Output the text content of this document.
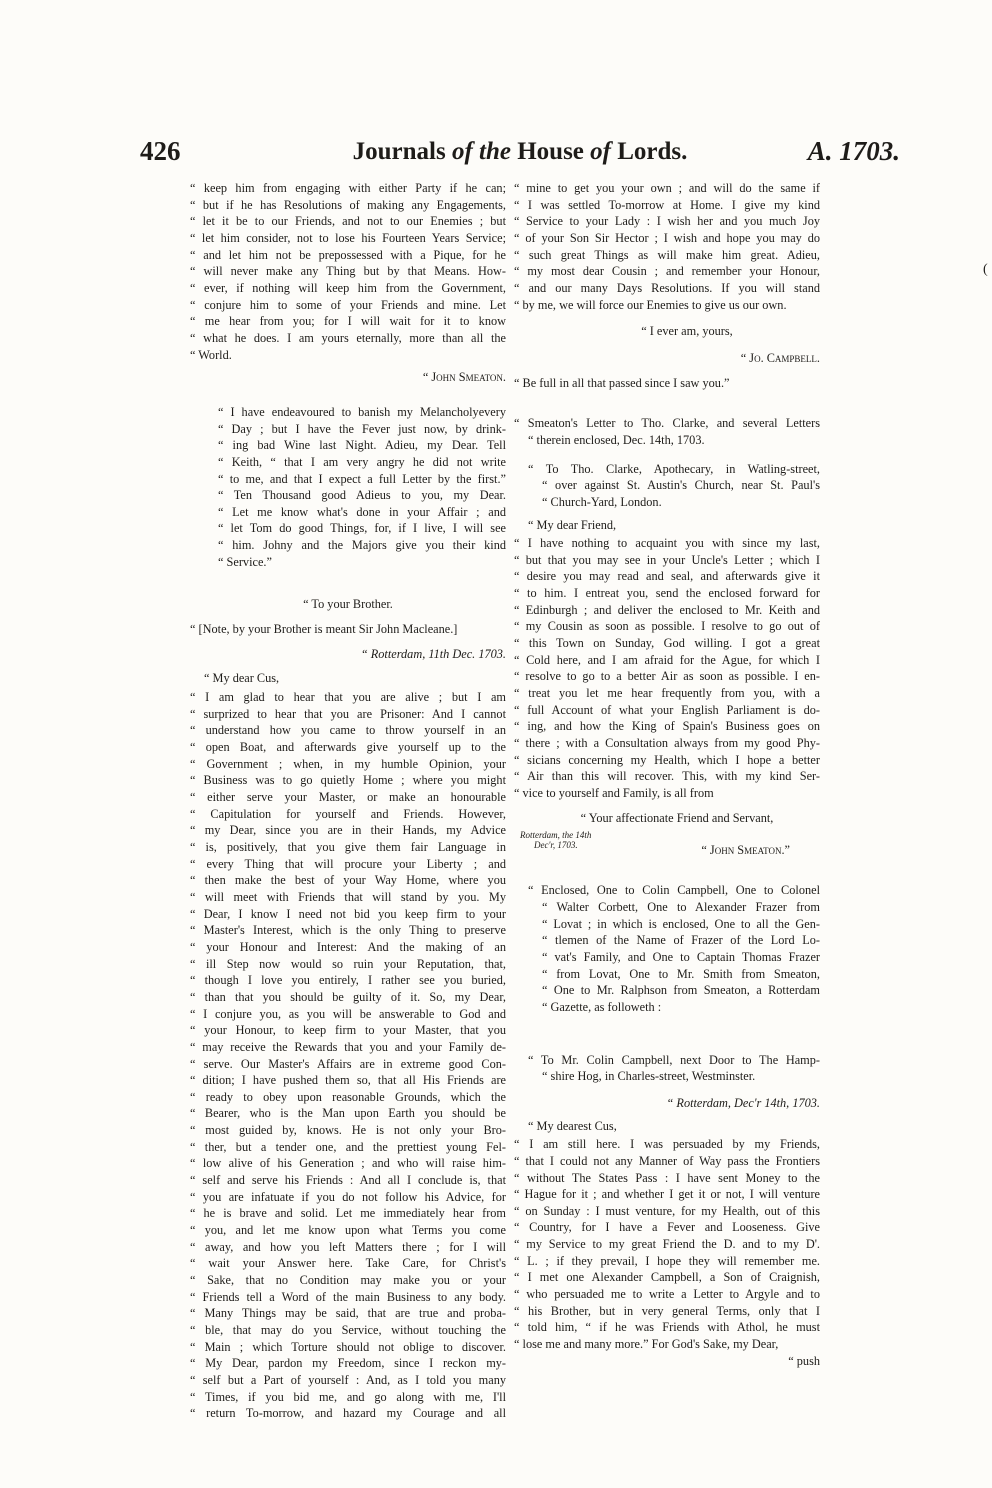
426	Journals of the House of Lords.	A. 1703.
(
“ keep him from engaging with either Party if he can;
“ but if he has Resolutions of making any Engagements,
“ let it be to our Friends, and not to our Enemies ; but
“ let him consider, not to lose his Fourteen Years Service;
“ and let him not be prepossessed with a Pique, for he
“ will never make any Thing but by that Means. How-
“ ever, if nothing will keep him from the Government,
“ conjure him to some of your Friends and mine. Let
“ me hear from you; for I will wait for it to know
“ what he does. I am yours eternally, more than all the
“ World.
“ John Smeaton.
“ I have endeavoured to banish my Melancholyevery
“ Day ; but I have the Fever just now, by drink-
“ ing bad Wine last Night. Adieu, my Dear. Tell
“ Keith, “ that I am very angry he did not write
“ to me, and that I expect a full Letter by the first.”
“ Ten Thousand good Adieus to you, my Dear.
“ Let me know what's done in your Affair ; and
“ let Tom do good Things, for, if I live, I will see
“ him. Johny and the Majors give you their kind
“ Service.”
“ To your Brother.
“ [Note, by your Brother is meant Sir John Macleane.]
“ Rotterdam, 11th Dec. 1703.
“ My dear Cus,
“ I am glad to hear that you are alive ; but I am
“ surprized to hear that you are Prisoner: And I cannot
“ understand how you came to throw yourself in an
“ open Boat, and afterwards give yourself up to the
“ Government ; when, in my humble Opinion, your
“ Business was to go quietly Home ; where you might
“ either serve your Master, or make an honourable
“ Capitulation for yourself and Friends. However,
“ my Dear, since you are in their Hands, my Advice
“ is, positively, that you give them fair Language in
“ every Thing that will procure your Liberty ; and
“ then make the best of your Way Home, where you
“ will meet with Friends that will stand by you. My
“ Dear, I know I need not bid you keep firm to your
“ Master's Interest, which is the only Thing to preserve
“ your Honour and Interest: And the making of an
“ ill Step now would so ruin your Reputation, that,
“ though I love you entirely, I rather see you buried,
“ than that you should be guilty of it. So, my Dear,
“ I conjure you, as you will be answerable to God and
“ your Honour, to keep firm to your Master, that you
“ may receive the Rewards that you and your Family de-
“ serve. Our Master's Affairs are in extreme good Con-
“ dition; I have pushed them so, that all His Friends are
“ ready to obey upon reasonable Grounds, which the
“ Bearer, who is the Man upon Earth you should be
“ most guided by, knows. He is not only your Bro-
“ ther, but a tender one, and the prettiest young Fel-
“ low alive of his Generation ; and who will raise him-
“ self and serve his Friends : And all I conclude is, that
“ you are infatuate if you do not follow his Advice, for
“ he is brave and solid. Let me immediately hear from
“ you, and let me know upon what Terms you come
“ away, and how you left Matters there ; for I will
“ wait your Answer here. Take Care, for Christ's
“ Sake, that no Condition may make you or your
“ Friends tell a Word of the main Business to any body.
“ Many Things may be said, that are true and proba-
“ ble, that may do you Service, without touching the
“ Main ; which Torture should not oblige to discover.
“ My Dear, pardon my Freedom, since I reckon my-
“ self but a Part of yourself : And, as I told you many
“ Times, if you bid me, and go along with me, I'll
“ return To-morrow, and hazard my Courage and all
“ mine to get you your own ; and will do the same if
“ I was settled To-morrow at Home. I give my kind
“ Service to your Lady : I wish her and you much Joy
“ of your Son Sir Hector ; I wish and hope you may do
“ such great Things as will make him great. Adieu,
“ my most dear Cousin ; and remember your Honour,
“ and our many Days Resolutions. If you will stand
“ by me, we will force our Enemies to give us our own.
“ I ever am, yours,
“ Jo. Campbell.
“ Be full in all that passed since I saw you.”
“ Smeaton's Letter to Tho. Clarke, and several Letters
“ therein enclosed, Dec. 14th, 1703.
“ To Tho. Clarke, Apothecary, in Watling-street,
“ over against St. Austin's Church, near St. Paul's
“ Church-Yard, London.
“ My dear Friend,
“ I have nothing to acquaint you with since my last,
“ but that you may see in your Uncle's Letter ; which I
“ desire you may read and seal, and afterwards give it
“ to him. I entreat you, send the enclosed forward for
“ Edinburgh ; and deliver the enclosed to Mr. Keith and
“ my Cousin as soon as possible. I resolve to go out of
“ this Town on Sunday, God willing. I got a great
“ Cold here, and I am afraid for the Ague, for which I
“ resolve to go to a better Air as soon as possible. I en-
“ treat you let me hear frequently from you, with a
“ full Account of what your English Parliament is do-
“ ing, and how the King of Spain's Business goes on
“ there ; with a Consultation always from my good Phy-
“ sicians concerning my Health, which I hope a better
“ Air than this will recover. This, with my kind Ser-
“ vice to yourself and Family, is all from
“ Your affectionate Friend and Servant,
Rotterdam, the 14th
Dec'r, 1703.	“ John Smeaton.”
“ Enclosed, One to Colin Campbell, One to Colonel
“ Walter Corbett, One to Alexander Frazer from
“ Lovat ; in which is enclosed, One to all the Gen-
“ tlemen of the Name of Frazer of the Lord Lo-
“ vat's Family, and One to Captain Thomas Frazer
“ from Lovat, One to Mr. Smith from Smeaton,
“ One to Mr. Ralphson from Smeaton, a Rotterdam
“ Gazette, as followeth :
“ To Mr. Colin Campbell, next Door to The Hamp-
“ shire Hog, in Charles-street, Westminster.
“ Rotterdam, Dec'r 14th, 1703.
“ My dearest Cus,
“ I am still here. I was persuaded by my Friends,
“ that I could not any Manner of Way pass the Frontiers
“ without The States Pass : I have sent Money to the
“ Hague for it ; and whether I get it or not, I will venture
“ on Sunday : I must venture, for my Health, out of this
“ Country, for I have a Fever and Looseness. Give
“ my Service to my great Friend the D. and to my D'.
“ L. ; if they prevail, I hope they will remember me.
“ I met one Alexander Campbell, a Son of Craignish,
“ who persuaded me to write a Letter to Argyle and to
“ his Brother, but in very general Terms, only that I
“ told him, “ if he was Friends with Athol, he must
“ lose me and many more.” For God's Sake, my Dear,
“ push
